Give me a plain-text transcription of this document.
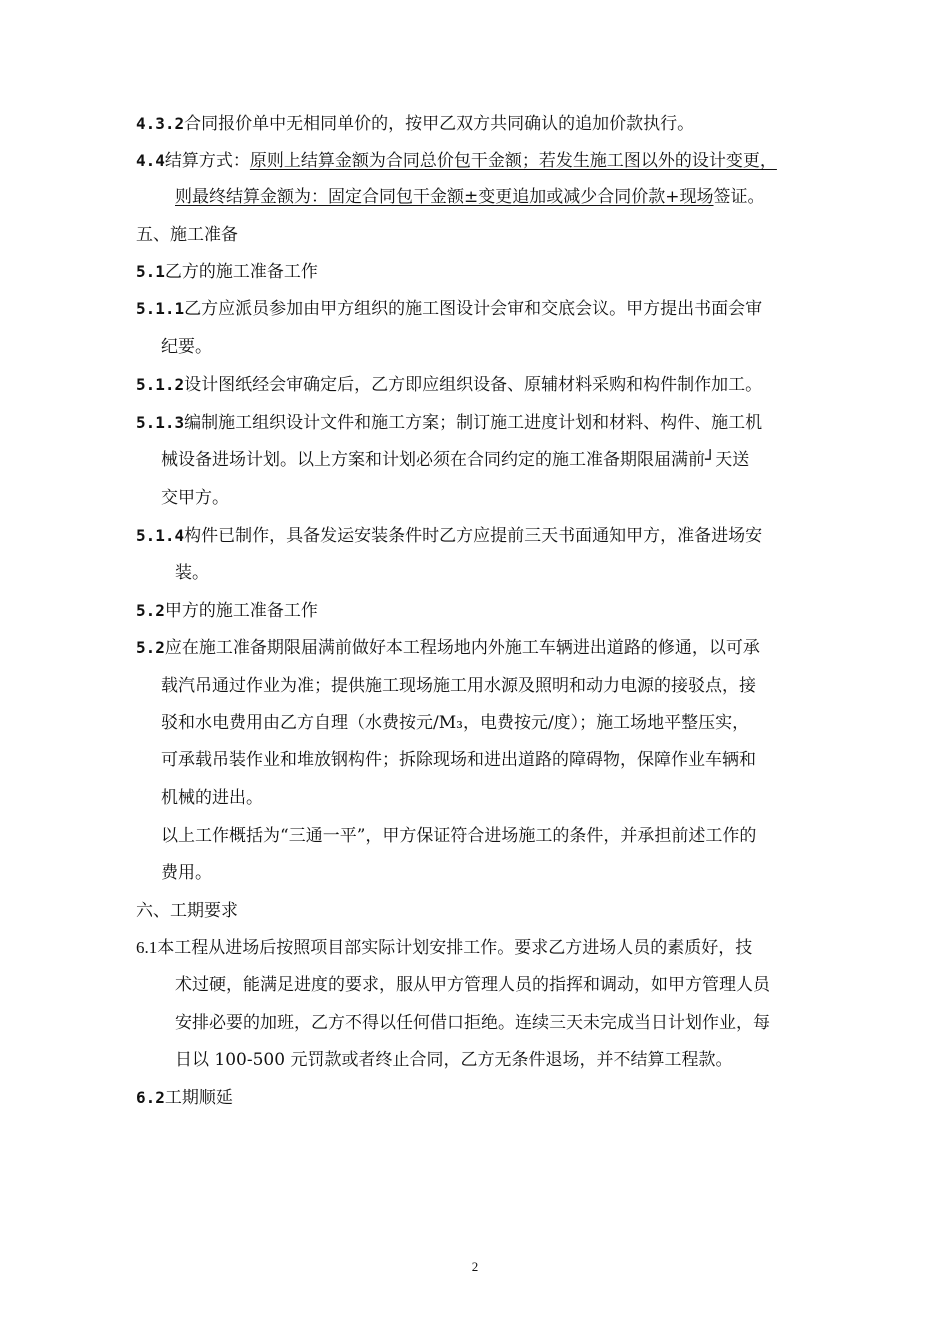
4.3.2合同报价单中无相同单价的，按甲乙双方共同确认的追加价款执行。
4.4结算方式：原则上结算金额为合同总价包干金额；若发生施工图以外的设计变更，
则最终结算金额为：固定合同包干金额±变更追加或减少合同价款+现场签证。
五、施工准备
5.1乙方的施工准备工作
5.1.1乙方应派员参加由甲方组织的施工图设计会审和交底会议。甲方提出书面会审
纪要。
5.1.2设计图纸经会审确定后，乙方即应组织设备、原辅材料采购和构件制作加工。
5.1.3编制施工组织设计文件和施工方案；制订施工进度计划和材料、构件、施工机
械设备进场计划。以上方案和计划必须在合同约定的施工准备期限届满前┘天送
交甲方。
5.1.4构件已制作，具备发运安装条件时乙方应提前三天书面通知甲方，准备进场安
装。
5.2甲方的施工准备工作
5.2应在施工准备期限届满前做好本工程场地内外施工车辆进出道路的修通，以可承
载汽吊通过作业为准；提供施工现场施工用水源及照明和动力电源的接驳点，接
驳和水电费用由乙方自理（水费按元/M₃，电费按元/度）；施工场地平整压实，
可承载吊装作业和堆放钢构件；拆除现场和进出道路的障碍物，保障作业车辆和
机械的进出。
以上工作概括为“三通一平”，甲方保证符合进场施工的条件，并承担前述工作的
费用。
六、工期要求
6.1本工程从进场后按照项目部实际计划安排工作。要求乙方进场人员的素质好，技
术过硬，能满足进度的要求，服从甲方管理人员的指挥和调动，如甲方管理人员
安排必要的加班，乙方不得以任何借口拒绝。连续三天未完成当日计划作业，每
日以 100-500 元罚款或者终止合同，乙方无条件退场，并不结算工程款。
6.2工期顺延
2
